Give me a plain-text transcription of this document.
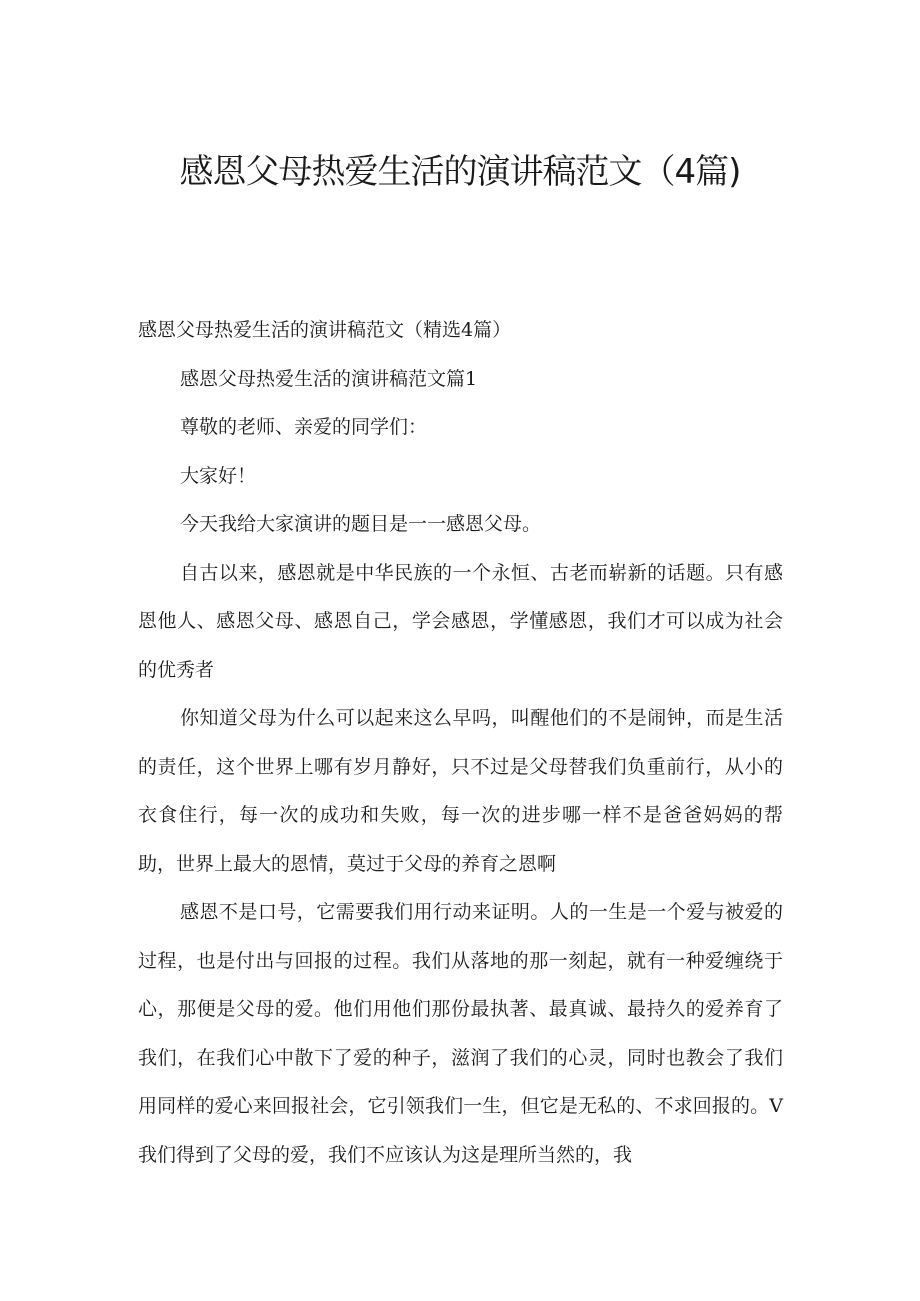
感恩父母热爱生活的演讲稿范文（4篇)

感恩父母热爱生活的演讲稿范文（精选4篇）

感恩父母热爱生活的演讲稿范文篇1

尊敬的老师、亲爱的同学们：

大家好！

今天我给大家演讲的题目是一一感恩父母。

自古以来，感恩就是中华民族的一个永恒、古老而崭新的话题。只有感恩他人、感恩父母、感恩自己，学会感恩，学懂感恩，我们才可以成为社会的优秀者

你知道父母为什么可以起来这么早吗，叫醒他们的不是闹钟，而是生活的责任，这个世界上哪有岁月静好，只不过是父母替我们负重前行，从小的衣食住行，每一次的成功和失败，每一次的进步哪一样不是爸爸妈妈的帮助，世界上最大的恩情，莫过于父母的养育之恩啊

感恩不是口号，它需要我们用行动来证明。人的一生是一个爱与被爱的过程，也是付出与回报的过程。我们从落地的那一刻起，就有一种爱缠绕于心，那便是父母的爱。他们用他们那份最执著、最真诚、最持久的爱养育了我们，在我们心中散下了爱的种子，滋润了我们的心灵，同时也教会了我们用同样的爱心来回报社会，它引领我们一生，但它是无私的、不求回报的。V我们得到了父母的爱，我们不应该认为这是理所当然的，我
